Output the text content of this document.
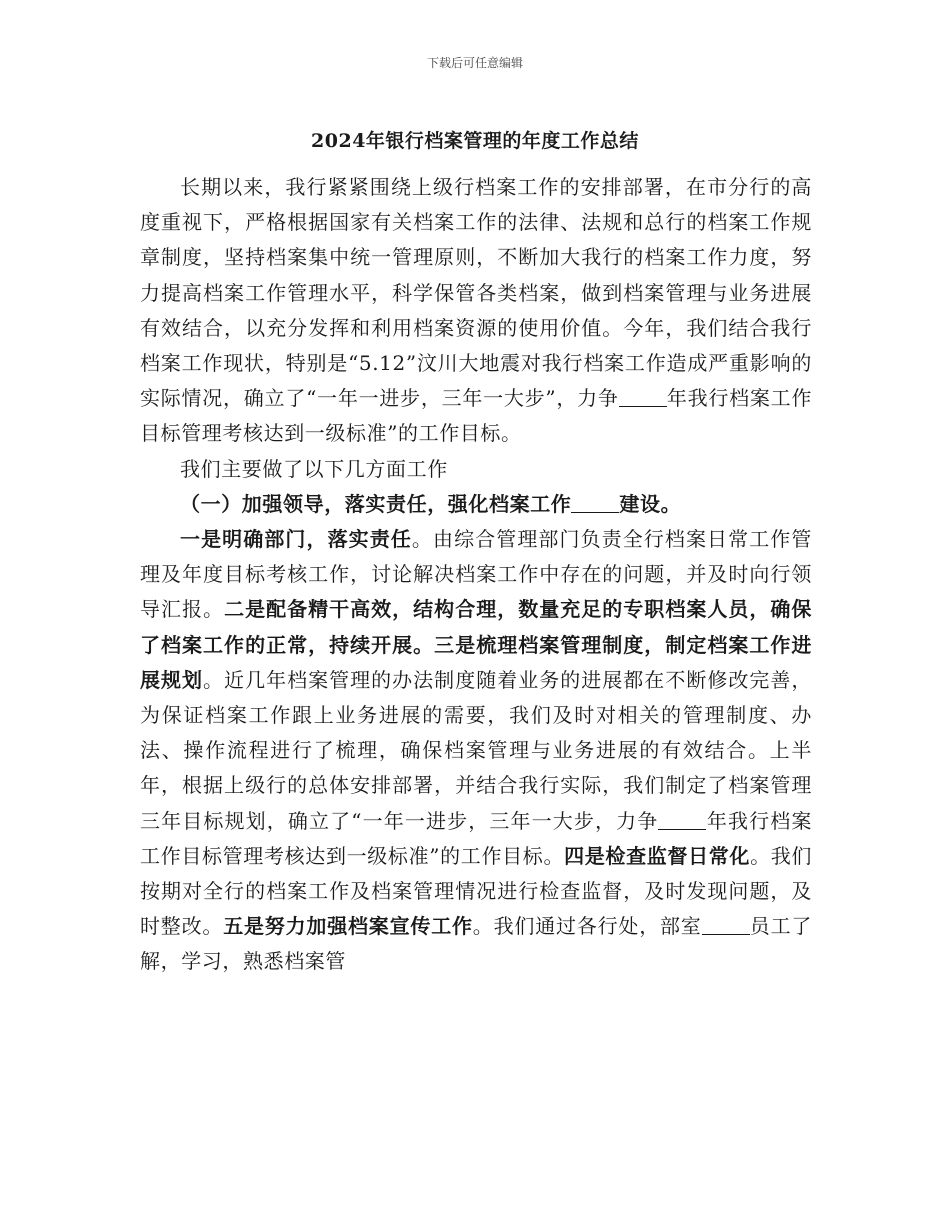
下载后可任意编辑
2024年银行档案管理的年度工作总结

长期以来，我行紧紧围绕上级行档案工作的安排部署，在市分行的高度重视下，严格根据国家有关档案工作的法律、法规和总行的档案工作规章制度，坚持档案集中统一管理原则，不断加大我行的档案工作力度，努力提高档案工作管理水平，科学保管各类档案，做到档案管理与业务进展有效结合，以充分发挥和利用档案资源的使用价值。今年，我们结合我行档案工作现状，特别是“5.12”汶川大地震对我行档案工作造成严重影响的实际情况，确立了“一年一进步，三年一大步”，力争 年我行档案工作目标管理考核达到一级标准”的工作目标。

我们主要做了以下几方面工作

（一）加强领导，落实责任，强化档案工作 建设。

一是明确部门，落实责任。由综合管理部门负责全行档案日常工作管理及年度目标考核工作，讨论解决档案工作中存在的问题，并及时向行领导汇报。二是配备精干高效，结构合理，数量充足的专职档案人员，确保了档案工作的正常，持续开展。三是梳理档案管理制度，制定档案工作进展规划。近几年档案管理的办法制度随着业务的进展都在不断修改完善，为保证档案工作跟上业务进展的需要，我们及时对相关的管理制度、办法、操作流程进行了梳理，确保档案管理与业务进展的有效结合。上半年，根据上级行的总体安排部署，并结合我行实际，我们制定了档案管理三年目标规划，确立了“一年一进步，三年一大步，力争 年我行档案工作目标管理考核达到一级标准”的工作目标。四是检查监督日常化。我们按期对全行的档案工作及档案管理情况进行检查监督，及时发现问题，及时整改。五是努力加强档案宣传工作。我们通过各行处，部室 员工了解，学习，熟悉档案管
